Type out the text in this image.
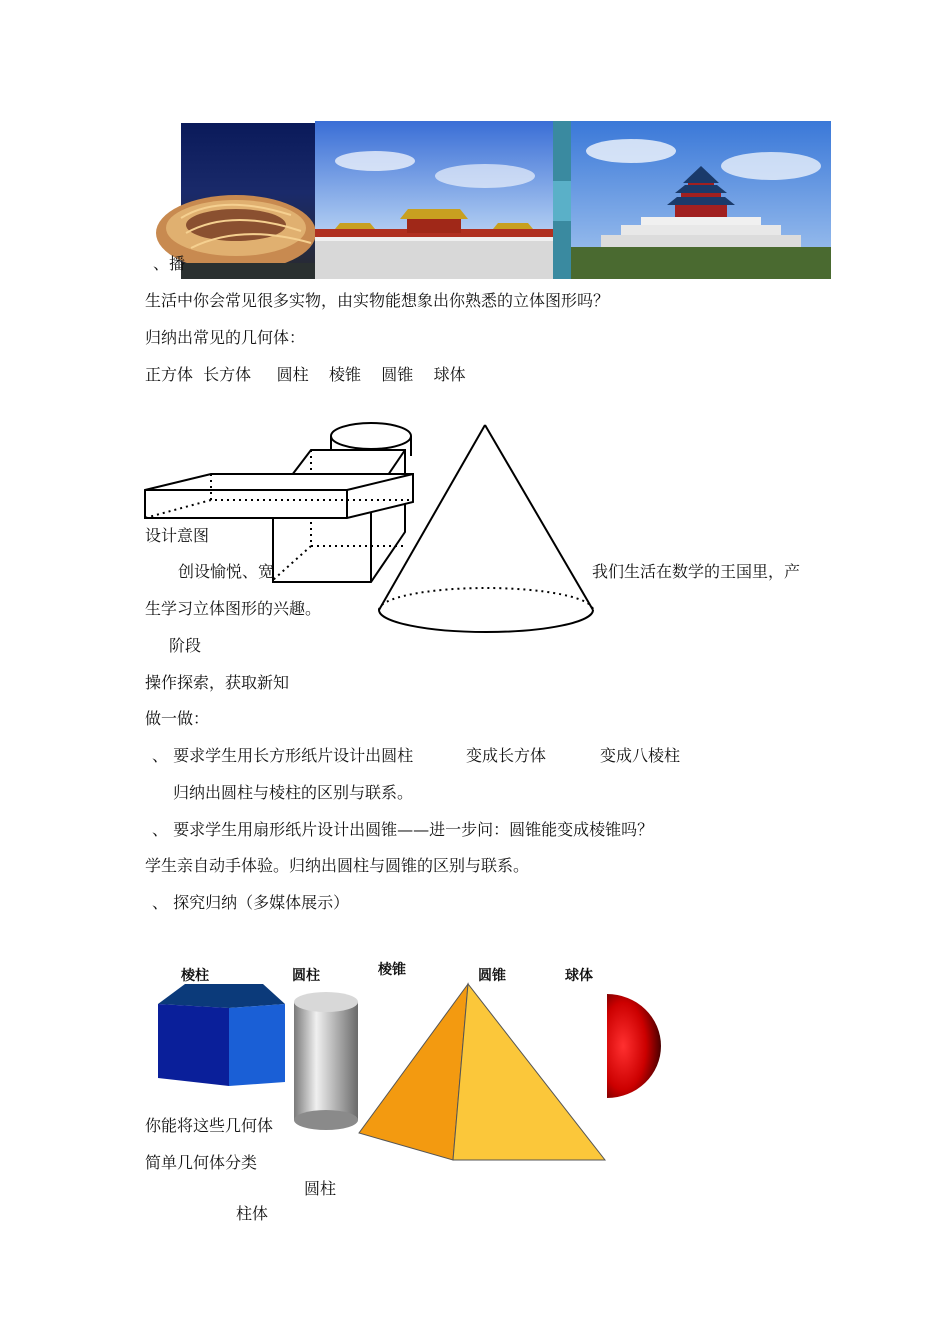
、播
生活中你会常见很多实物，由实物能想象出你熟悉的立体图形吗？
归纳出常见的几何体：
正方体  长方体     圆柱    棱锥    圆锥    球体
设计意图
创设愉悦、宽	我们生活在数学的王国里，产
生学习立体图形的兴趣。
阶段
操作探索，获取新知
做一做：
、 要求学生用长方形纸片设计出圆柱	变成长方体	变成八棱柱
归纳出圆柱与棱柱的区别与联系。
、 要求学生用扇形纸片设计出圆锥——进一步问：圆锥能变成棱锥吗？
学生亲自动手体验。归纳出圆柱与圆锥的区别与联系。
、 探究归纳（多媒体展示）
棱柱	圆柱	棱锥	圆锥	球体
你能将这些几何体
简单几何体分类
圆柱
柱体
